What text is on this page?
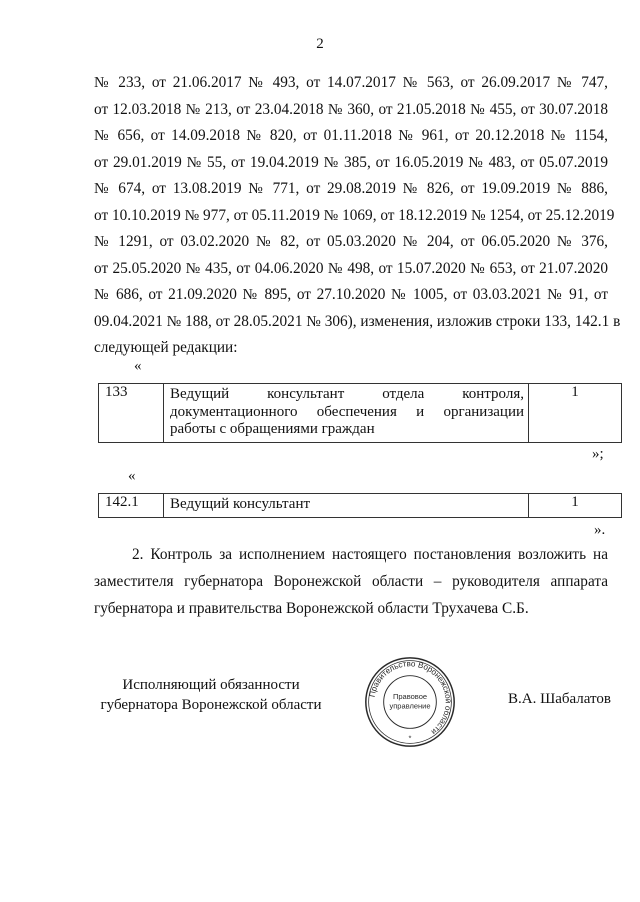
2
№ 233, от 21.06.2017 № 493, от 14.07.2017 № 563, от 26.09.2017 № 747,
от 12.03.2018 № 213, от 23.04.2018 № 360, от 21.05.2018 № 455, от 30.07.2018
№ 656, от 14.09.2018 № 820, от 01.11.2018 № 961, от 20.12.2018 № 1154,
от 29.01.2019 № 55, от 19.04.2019 № 385, от 16.05.2019 № 483, от 05.07.2019
№ 674, от 13.08.2019 № 771, от 29.08.2019 № 826, от 19.09.2019 № 886,
от 10.10.2019 № 977, от 05.11.2019 № 1069, от 18.12.2019 № 1254, от 25.12.2019
№ 1291, от 03.02.2020 № 82, от 05.03.2020 № 204, от 06.05.2020 № 376,
от 25.05.2020 № 435, от 04.06.2020 № 498, от 15.07.2020 № 653, от 21.07.2020
№ 686, от 21.09.2020 № 895, от 27.10.2020 № 1005, от 03.03.2021 № 91, от
09.04.2021 № 188, от 28.05.2021 № 306), изменения, изложив строки 133, 142.1 в
следующей редакции:
«
133	Ведущий консультант отдела контроля,
документационного обеспечения и организации
работы с обращениями граждан
	1
»;
«
142.1	Ведущий консультант	1
».
2. Контроль за исполнением настоящего постановления возложить на
заместителя губернатора Воронежской области – руководителя аппарата
губернатора и правительства Воронежской области Трухачева С.Б.
Исполняющий обязанности
губернатора Воронежской области
Правительство Воронежской области
Правовое
управление
*
В.А. Шабалатов
